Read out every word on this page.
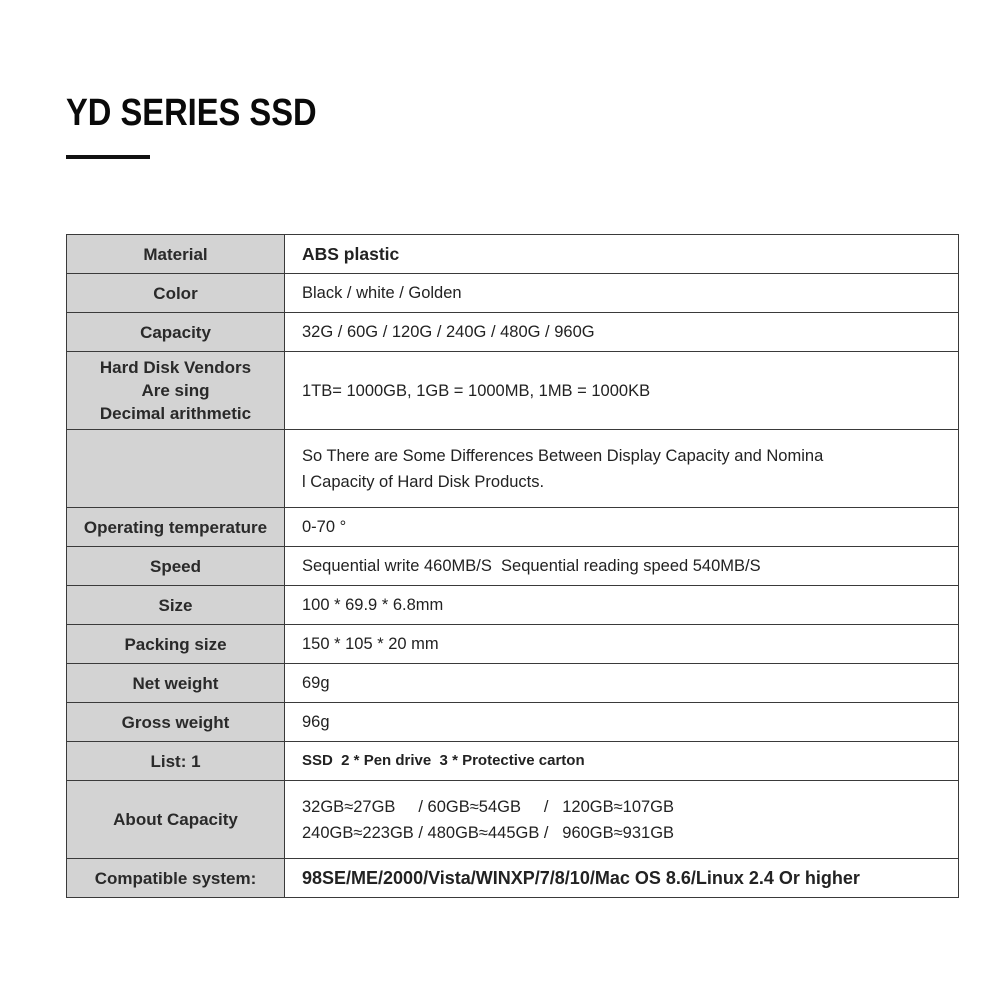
YD SERIES SSD
Material	ABS plastic
Color	Black / white / Golden
Capacity	32G / 60G / 120G / 240G / 480G / 960G
Hard Disk Vendors
Are sing
Decimal arithmetic	1TB= 1000GB, 1GB = 1000MB, 1MB = 1000KB
	So There are Some Differences Between Display Capacity and Nomina
l Capacity of Hard Disk Products.
Operating temperature	0-70 °
Speed	Sequential write 460MB/S  Sequential reading speed 540MB/S
Size	100 * 69.9 * 6.8mm
Packing size	150 * 105 * 20 mm
Net weight	69g
Gross weight	96g
List: 1	SSD  2 * Pen drive  3 * Protective carton
About Capacity	32GB≈27GB     / 60GB≈54GB     /   120GB≈107GB
240GB≈223GB / 480GB≈445GB /   960GB≈931GB
Compatible system:	98SE/ME/2000/Vista/WINXP/7/8/10/Mac OS 8.6/Linux 2.4 Or higher
